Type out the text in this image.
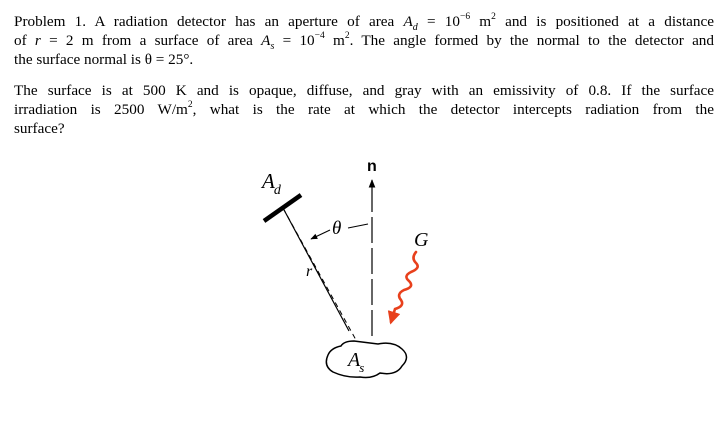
Problem 1. A radiation detector has an aperture of area $A_d = 10^{-6}$ $m^2$ and is positioned at a distance
of r = 2 m from a surface of area $A_s = 10^{-4}$ $m^2$. The angle formed by the normal to the detector and
the surface normal is θ = 25°.
The surface is at 500 K and is opaque, diffuse, and gray with an emissivity of 0.8. If the surface
irradiation is 2500 $W/m^2$, what is the rate at which the detector intercepts radiation from the
surface?
θ
Ad
n
r
G
As
